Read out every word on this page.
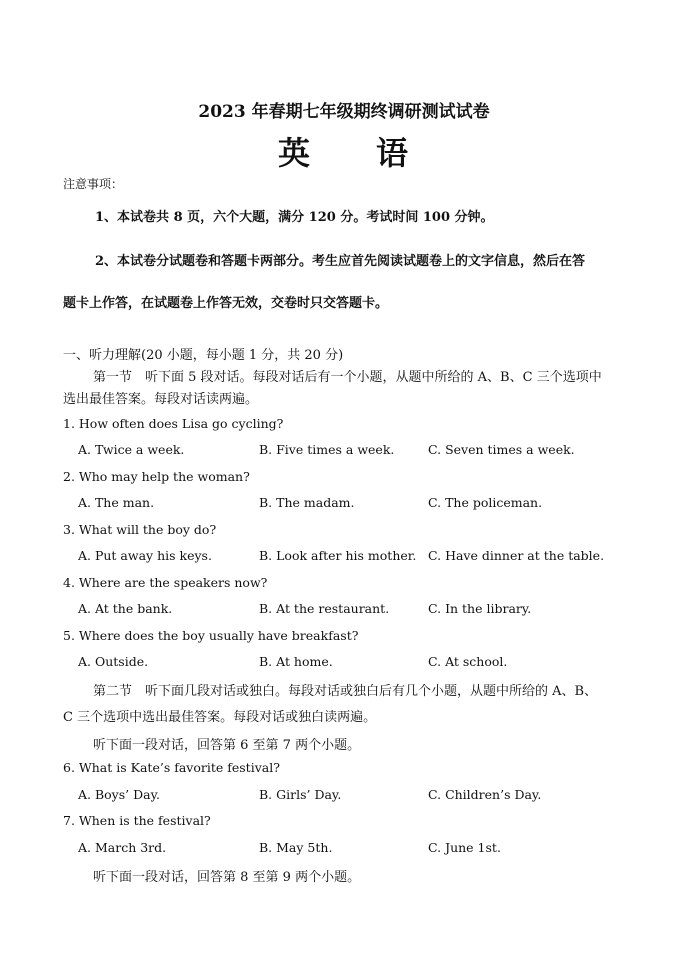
2023 年春期七年级期终调研测试试卷
英 语
注意事项：
1、本试卷共 8 页，六个大题，满分 120 分。考试时间 100 分钟。
2、本试卷分试题卷和答题卡两部分。考生应首先阅读试题卷上的文字信息，然后在答
题卡上作答，在试题卷上作答无效，交卷时只交答题卡。
一、听力理解(20 小题，每小题 1 分，共 20 分)
第一节　听下面 5 段对话。每段对话后有一个小题，从题中所给的 A、B、C 三个选项中
选出最佳答案。每段对话读两遍。
1. How often does Lisa go cycling?
A. Twice a week.	B. Five times a week.	C. Seven times a week.
2. Who may help the woman?
A. The man.	B. The madam.	C. The policeman.
3. What will the boy do?
A. Put away his keys.	B. Look after his mother. C. Have dinner at the table.
4. Where are the speakers now?
A. At the bank.	B. At the restaurant.	C. In the library.
5. Where does the boy usually have breakfast?
A. Outside.	B. At home.	C. At school.
第二节　听下面几段对话或独白。每段对话或独白后有几个小题，从题中所给的 A、B、
C 三个选项中选出最佳答案。每段对话或独白读两遍。
听下面一段对话，回答第 6 至第 7 两个小题。
6. What is Kate’s favorite festival?
A. Boys’ Day.	B. Girls’ Day.	C. Children’s Day.
7. When is the festival?
A. March 3rd.	B. May 5th.	C. June 1st.
听下面一段对话，回答第 8 至第 9 两个小题。
